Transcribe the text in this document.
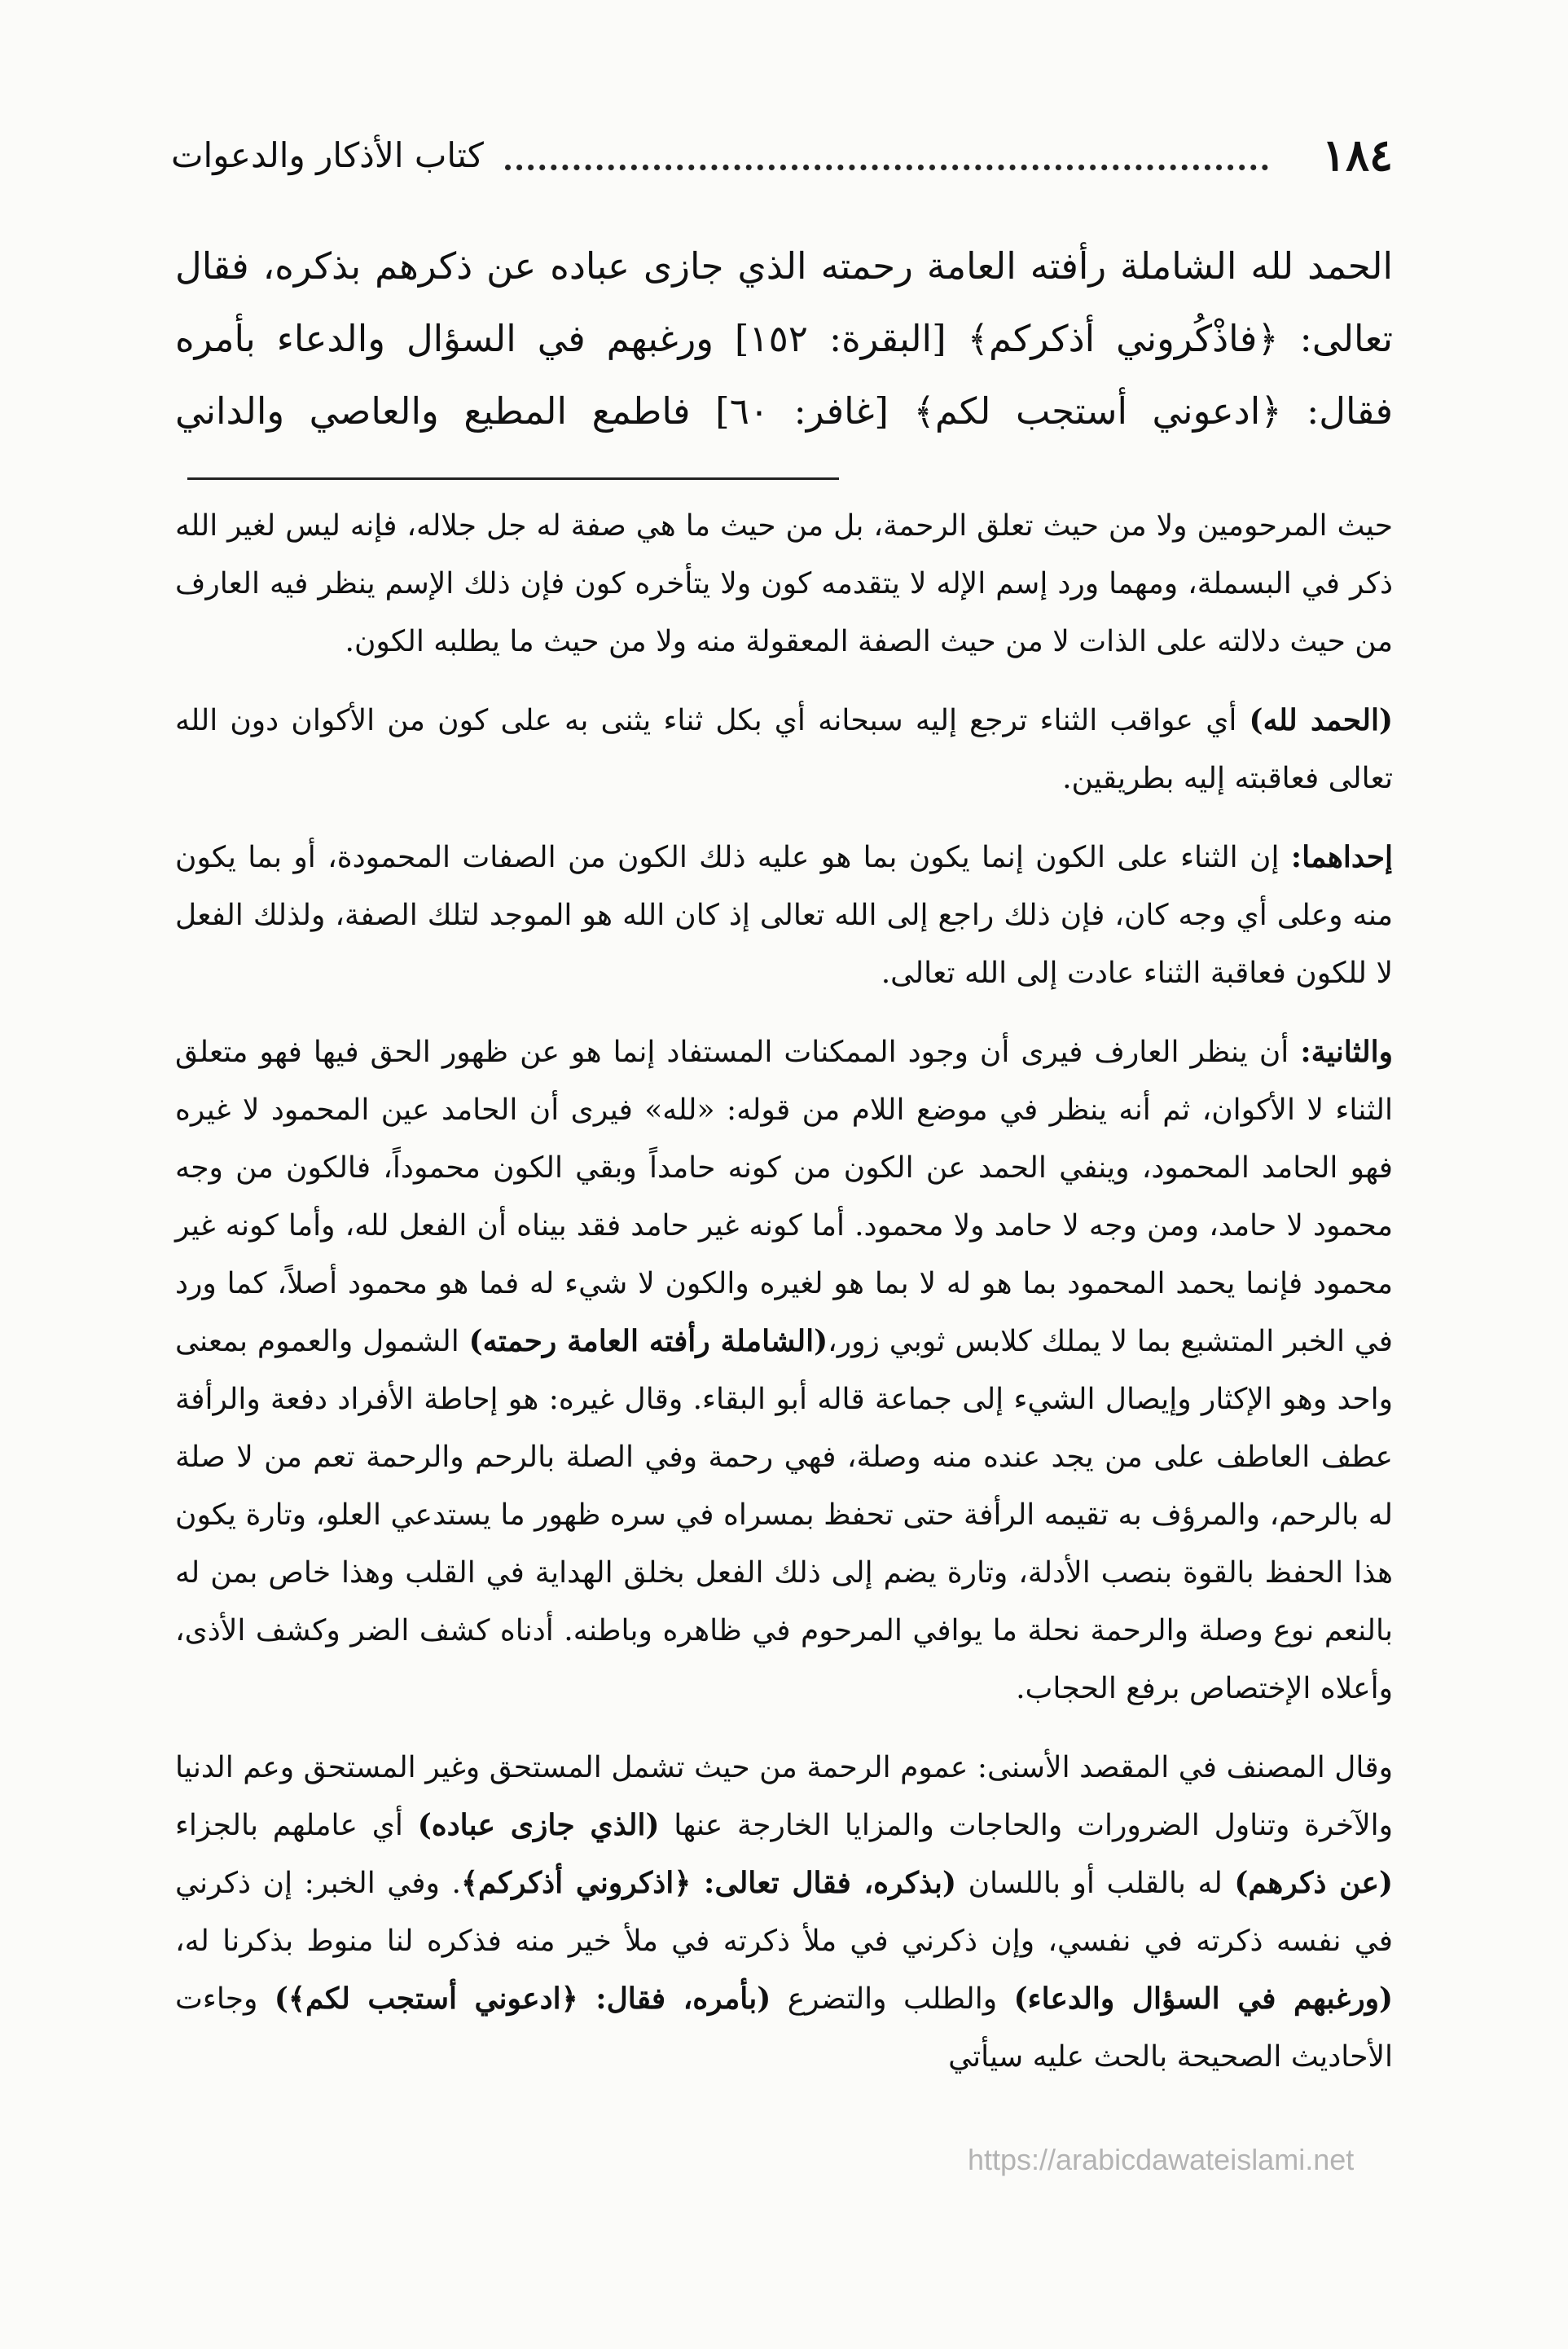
١٨٤
كتاب الأذكار والدعوات

الحمد لله الشاملة رأفته العامة رحمته الذي جازى عباده عن ذكرهم بذكره، فقال تعالى: ﴿فاذْكُروني أذكركم﴾ [البقرة: ١٥٢] ورغبهم في السؤال والدعاء بأمره فقال: ﴿ادعوني أستجب لكم﴾ [غافر: ٦٠] فاطمع المطيع والعاصي والداني

حيث المرحومين ولا من حيث تعلق الرحمة، بل من حيث ما هي صفة له جل جلاله، فإنه ليس لغير الله ذكر في البسملة، ومهما ورد إسم الإله لا يتقدمه كون ولا يتأخره كون فإن ذلك الإسم ينظر فيه العارف من حيث دلالته على الذات لا من حيث الصفة المعقولة منه ولا من حيث ما يطلبه الكون.

(الحمد لله) أي عواقب الثناء ترجع إليه سبحانه أي بكل ثناء يثنى به على كون من الأكوان دون الله تعالى فعاقبته إليه بطريقين.

إحداهما: إن الثناء على الكون إنما يكون بما هو عليه ذلك الكون من الصفات المحمودة، أو بما يكون منه وعلى أي وجه كان، فإن ذلك راجع إلى الله تعالى إذ كان الله هو الموجد لتلك الصفة، ولذلك الفعل لا للكون فعاقبة الثناء عادت إلى الله تعالى.

والثانية: أن ينظر العارف فيرى أن وجود الممكنات المستفاد إنما هو عن ظهور الحق فيها فهو متعلق الثناء لا الأكوان، ثم أنه ينظر في موضع اللام من قوله: «لله» فيرى أن الحامد عين المحمود لا غيره فهو الحامد المحمود، وينفي الحمد عن الكون من كونه حامداً وبقي الكون محموداً، فالكون من وجه محمود لا حامد، ومن وجه لا حامد ولا محمود. أما كونه غير حامد فقد بيناه أن الفعل لله، وأما كونه غير محمود فإنما يحمد المحمود بما هو له لا بما هو لغيره والكون لا شيء له فما هو محمود أصلاً، كما ورد في الخبر المتشبع بما لا يملك كلابس ثوبي زور،(الشاملة رأفته العامة رحمته) الشمول والعموم بمعنى واحد وهو الإكثار وإيصال الشيء إلى جماعة قاله أبو البقاء. وقال غيره: هو إحاطة الأفراد دفعة والرأفة عطف العاطف على من يجد عنده منه وصلة، فهي رحمة وفي الصلة بالرحم والرحمة تعم من لا صلة له بالرحم، والمرؤف به تقيمه الرأفة حتى تحفظ بمسراه في سره ظهور ما يستدعي العلو، وتارة يكون هذا الحفظ بالقوة بنصب الأدلة، وتارة يضم إلى ذلك الفعل بخلق الهداية في القلب وهذا خاص بمن له بالنعم نوع وصلة والرحمة نحلة ما يوافي المرحوم في ظاهره وباطنه. أدناه كشف الضر وكشف الأذى، وأعلاه الإختصاص برفع الحجاب.

وقال المصنف في المقصد الأسنى: عموم الرحمة من حيث تشمل المستحق وغير المستحق وعم الدنيا والآخرة وتناول الضرورات والحاجات والمزايا الخارجة عنها (الذي جازى عباده) أي عاملهم بالجزاء (عن ذكرهم) له بالقلب أو باللسان (بذكره، فقال تعالى: ﴿اذكروني أذكركم﴾. وفي الخبر: إن ذكرني في نفسه ذكرته في نفسي، وإن ذكرني في ملأ ذكرته في ملأ خير منه فذكره لنا منوط بذكرنا له، (ورغبهم في السؤال والدعاء) والطلب والتضرع (بأمره، فقال: ﴿ادعوني أستجب لكم﴾) وجاءت الأحاديث الصحيحة بالحث عليه سيأتي

https://arabicdawateislami.net
